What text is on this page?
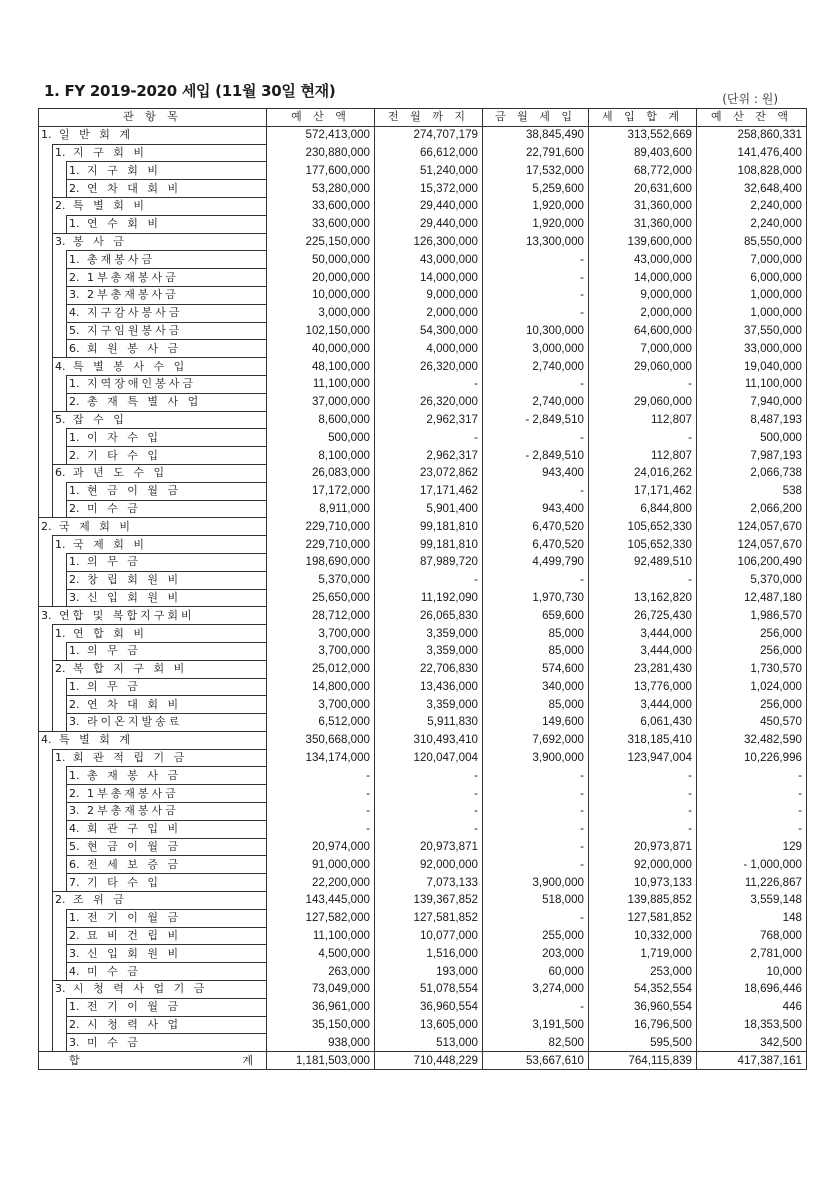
1. FY 2019-2020 세입 (11월 30일 현재)	(단위 : 원)
관 항 목			예 산 액	전 월 까 지	금 월 세 입	세 입 합 계	예 산 잔 액
1. 일 반 회 계			572,413,000	274,707,179	38,845,490	313,552,669	258,860,331
	1. 지 구 회 비		230,880,000	66,612,000	22,791,600	89,403,600	141,476,400
		1. 지 구 회 비	177,600,000	51,240,000	17,532,000	68,772,000	108,828,000
		2. 연 차 대 회 비	53,280,000	15,372,000	5,259,600	20,631,600	32,648,400
	2. 특 별 회 비		33,600,000	29,440,000	1,920,000	31,360,000	2,240,000
		1. 연 수 회 비	33,600,000	29,440,000	1,920,000	31,360,000	2,240,000
	3. 봉 사 금		225,150,000	126,300,000	13,300,000	139,600,000	85,550,000
		1. 총재봉사금	50,000,000	43,000,000	-	43,000,000	7,000,000
		2. 1부총재봉사금	20,000,000	14,000,000	-	14,000,000	6,000,000
		3. 2부총재봉사금	10,000,000	9,000,000	-	9,000,000	1,000,000
		4. 지구감사봉사금	3,000,000	2,000,000	-	2,000,000	1,000,000
		5. 지구임원봉사금	102,150,000	54,300,000	10,300,000	64,600,000	37,550,000
		6. 회 원 봉 사 금	40,000,000	4,000,000	3,000,000	7,000,000	33,000,000
	4. 특 별 봉 사 수 입		48,100,000	26,320,000	2,740,000	29,060,000	19,040,000
		1. 지역장애인봉사금	11,100,000	-	-	-	11,100,000
		2. 총 재 특 별 사 업	37,000,000	26,320,000	2,740,000	29,060,000	7,940,000
	5. 잡 수 입		8,600,000	2,962,317	- 2,849,510	112,807	8,487,193
		1. 이 자 수 입	500,000	-	-	-	500,000
		2. 기 타 수 입	8,100,000	2,962,317	- 2,849,510	112,807	7,987,193
	6. 과 년 도 수 입		26,083,000	23,072,862	943,400	24,016,262	2,066,738
		1. 현 금 이 월 금	17,172,000	17,171,462	-	17,171,462	538
		2. 미 수 금	8,911,000	5,901,400	943,400	6,844,800	2,066,200
2. 국 제 회 비			229,710,000	99,181,810	6,470,520	105,652,330	124,057,670
	1. 국 제 회 비		229,710,000	99,181,810	6,470,520	105,652,330	124,057,670
		1. 의 무 금	198,690,000	87,989,720	4,499,790	92,489,510	106,200,490
		2. 창 립 회 원 비	5,370,000	-	-	-	5,370,000
		3. 신 입 회 원 비	25,650,000	11,192,090	1,970,730	13,162,820	12,487,180
3. 연합 및 복합지구회비			28,712,000	26,065,830	659,600	26,725,430	1,986,570
	1. 연 합 회 비		3,700,000	3,359,000	85,000	3,444,000	256,000
		1. 의 무 금	3,700,000	3,359,000	85,000	3,444,000	256,000
	2. 복 합 지 구 회 비		25,012,000	22,706,830	574,600	23,281,430	1,730,570
		1. 의 무 금	14,800,000	13,436,000	340,000	13,776,000	1,024,000
		2. 연 차 대 회 비	3,700,000	3,359,000	85,000	3,444,000	256,000
		3. 라이온지발송료	6,512,000	5,911,830	149,600	6,061,430	450,570
4. 특 별 회 계			350,668,000	310,493,410	7,692,000	318,185,410	32,482,590
	1. 회 관 적 립 기 금		134,174,000	120,047,004	3,900,000	123,947,004	10,226,996
		1. 총 재 봉 사 금	-	-	-	-	-
		2. 1부총재봉사금	-	-	-	-	-
		3. 2부총재봉사금	-	-	-	-	-
		4. 회 관 구 입 비	-	-	-	-	-
		5. 현 금 이 월 금	20,974,000	20,973,871	-	20,973,871	129
		6. 전 세 보 증 금	91,000,000	92,000,000	-	92,000,000	- 1,000,000
		7. 기 타 수 입	22,200,000	7,073,133	3,900,000	10,973,133	11,226,867
	2. 조 위 금		143,445,000	139,367,852	518,000	139,885,852	3,559,148
		1. 전 기 이 월 금	127,582,000	127,581,852	-	127,581,852	148
		2. 묘 비 건 립 비	11,100,000	10,077,000	255,000	10,332,000	768,000
		3. 신 입 회 원 비	4,500,000	1,516,000	203,000	1,719,000	2,781,000
		4. 미 수 금	263,000	193,000	60,000	253,000	10,000
	3. 시 청 력 사 업 기 금		73,049,000	51,078,554	3,274,000	54,352,554	18,696,446
		1. 전 기 이 월 금	36,961,000	36,960,554	-	36,960,554	446
		2. 시 청 력 사 업	35,150,000	13,605,000	3,191,500	16,796,500	18,353,500
		3. 미 수 금	938,000	513,000	82,500	595,500	342,500

합 계			1,181,503,000	710,448,229	53,667,610	764,115,839	417,387,161
